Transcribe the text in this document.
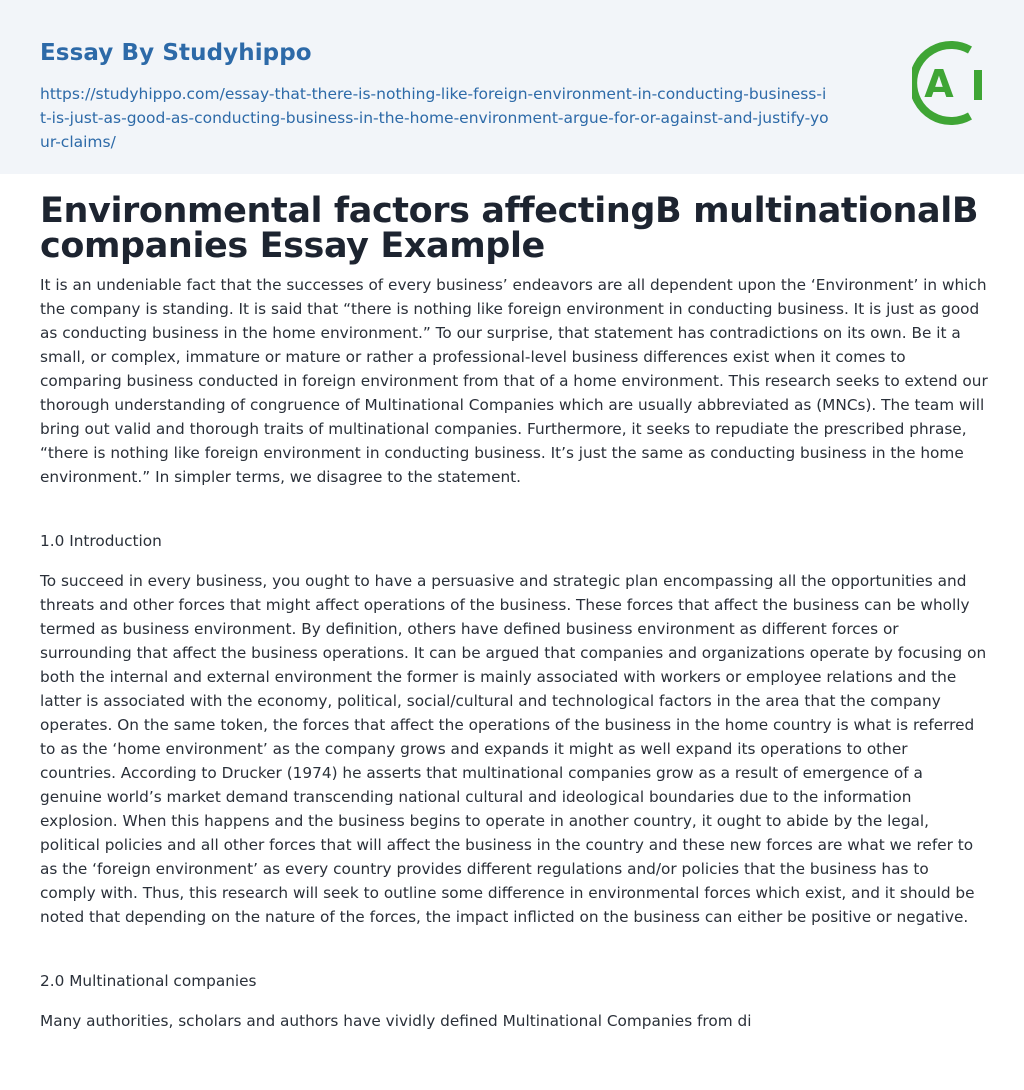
Essay By Studyhippo
https://studyhippo.com/essay-that-there-is-nothing-like-foreign-environment-in-conducting-business-it-is-just-as-good-as-conducting-business-in-the-home-environment-argue-for-or-against-and-justify-your-claims/
A
Environmental factors affectingB multinationalB companies Essay Example

It is an undeniable fact that the successes of every business’ endeavors are all dependent upon the ‘Environment’ in which the company is standing. It is said that “there is nothing like foreign environment in conducting business. It is just as good as conducting business in the home environment.” To our surprise, that statement has contradictions on its own. Be it a small, or complex, immature or mature or rather a professional-level business differences exist when it comes to comparing business conducted in foreign environment from that of a home environment. This research seeks to extend our thorough understanding of congruence of Multinational Companies which are usually abbreviated as (MNCs). The team will bring out valid and thorough traits of multinational companies. Furthermore, it seeks to repudiate the prescribed phrase, “there is nothing like foreign environment in conducting business. It’s just the same as conducting business in the home environment.” In simpler terms, we disagree to the statement.

1.0 Introduction

To succeed in every business, you ought to have a persuasive and strategic plan encompassing all the opportunities and threats and other forces that might affect operations of the business. These forces that affect the business can be wholly termed as business environment. By definition, others have defined business environment as different forces or surrounding that affect the business operations. It can be argued that companies and organizations operate by focusing on both the internal and external environment the former is mainly associated with workers or employee relations and the latter is associated with the economy, political, social/cultural and technological factors in the area that the company operates. On the same token, the forces that affect the operations of the business in the home country is what is referred to as the ‘home environment’ as the company grows and expands it might as well expand its operations to other countries. According to Drucker (1974) he asserts that multinational companies grow as a result of emergence of a genuine world’s market demand transcending national cultural and ideological boundaries due to the information explosion. When this happens and the business begins to operate in another country, it ought to abide by the legal, political policies and all other forces that will affect the business in the country and these new forces are what we refer to as the ‘foreign environment’ as every country provides different regulations and/or policies that the business has to comply with. Thus, this research will seek to outline some difference in environmental forces which exist, and it should be noted that depending on the nature of the forces, the impact inflicted on the business can either be positive or negative.

2.0 Multinational companies

Many authorities, scholars and authors have vividly defined Multinational Companies from di
